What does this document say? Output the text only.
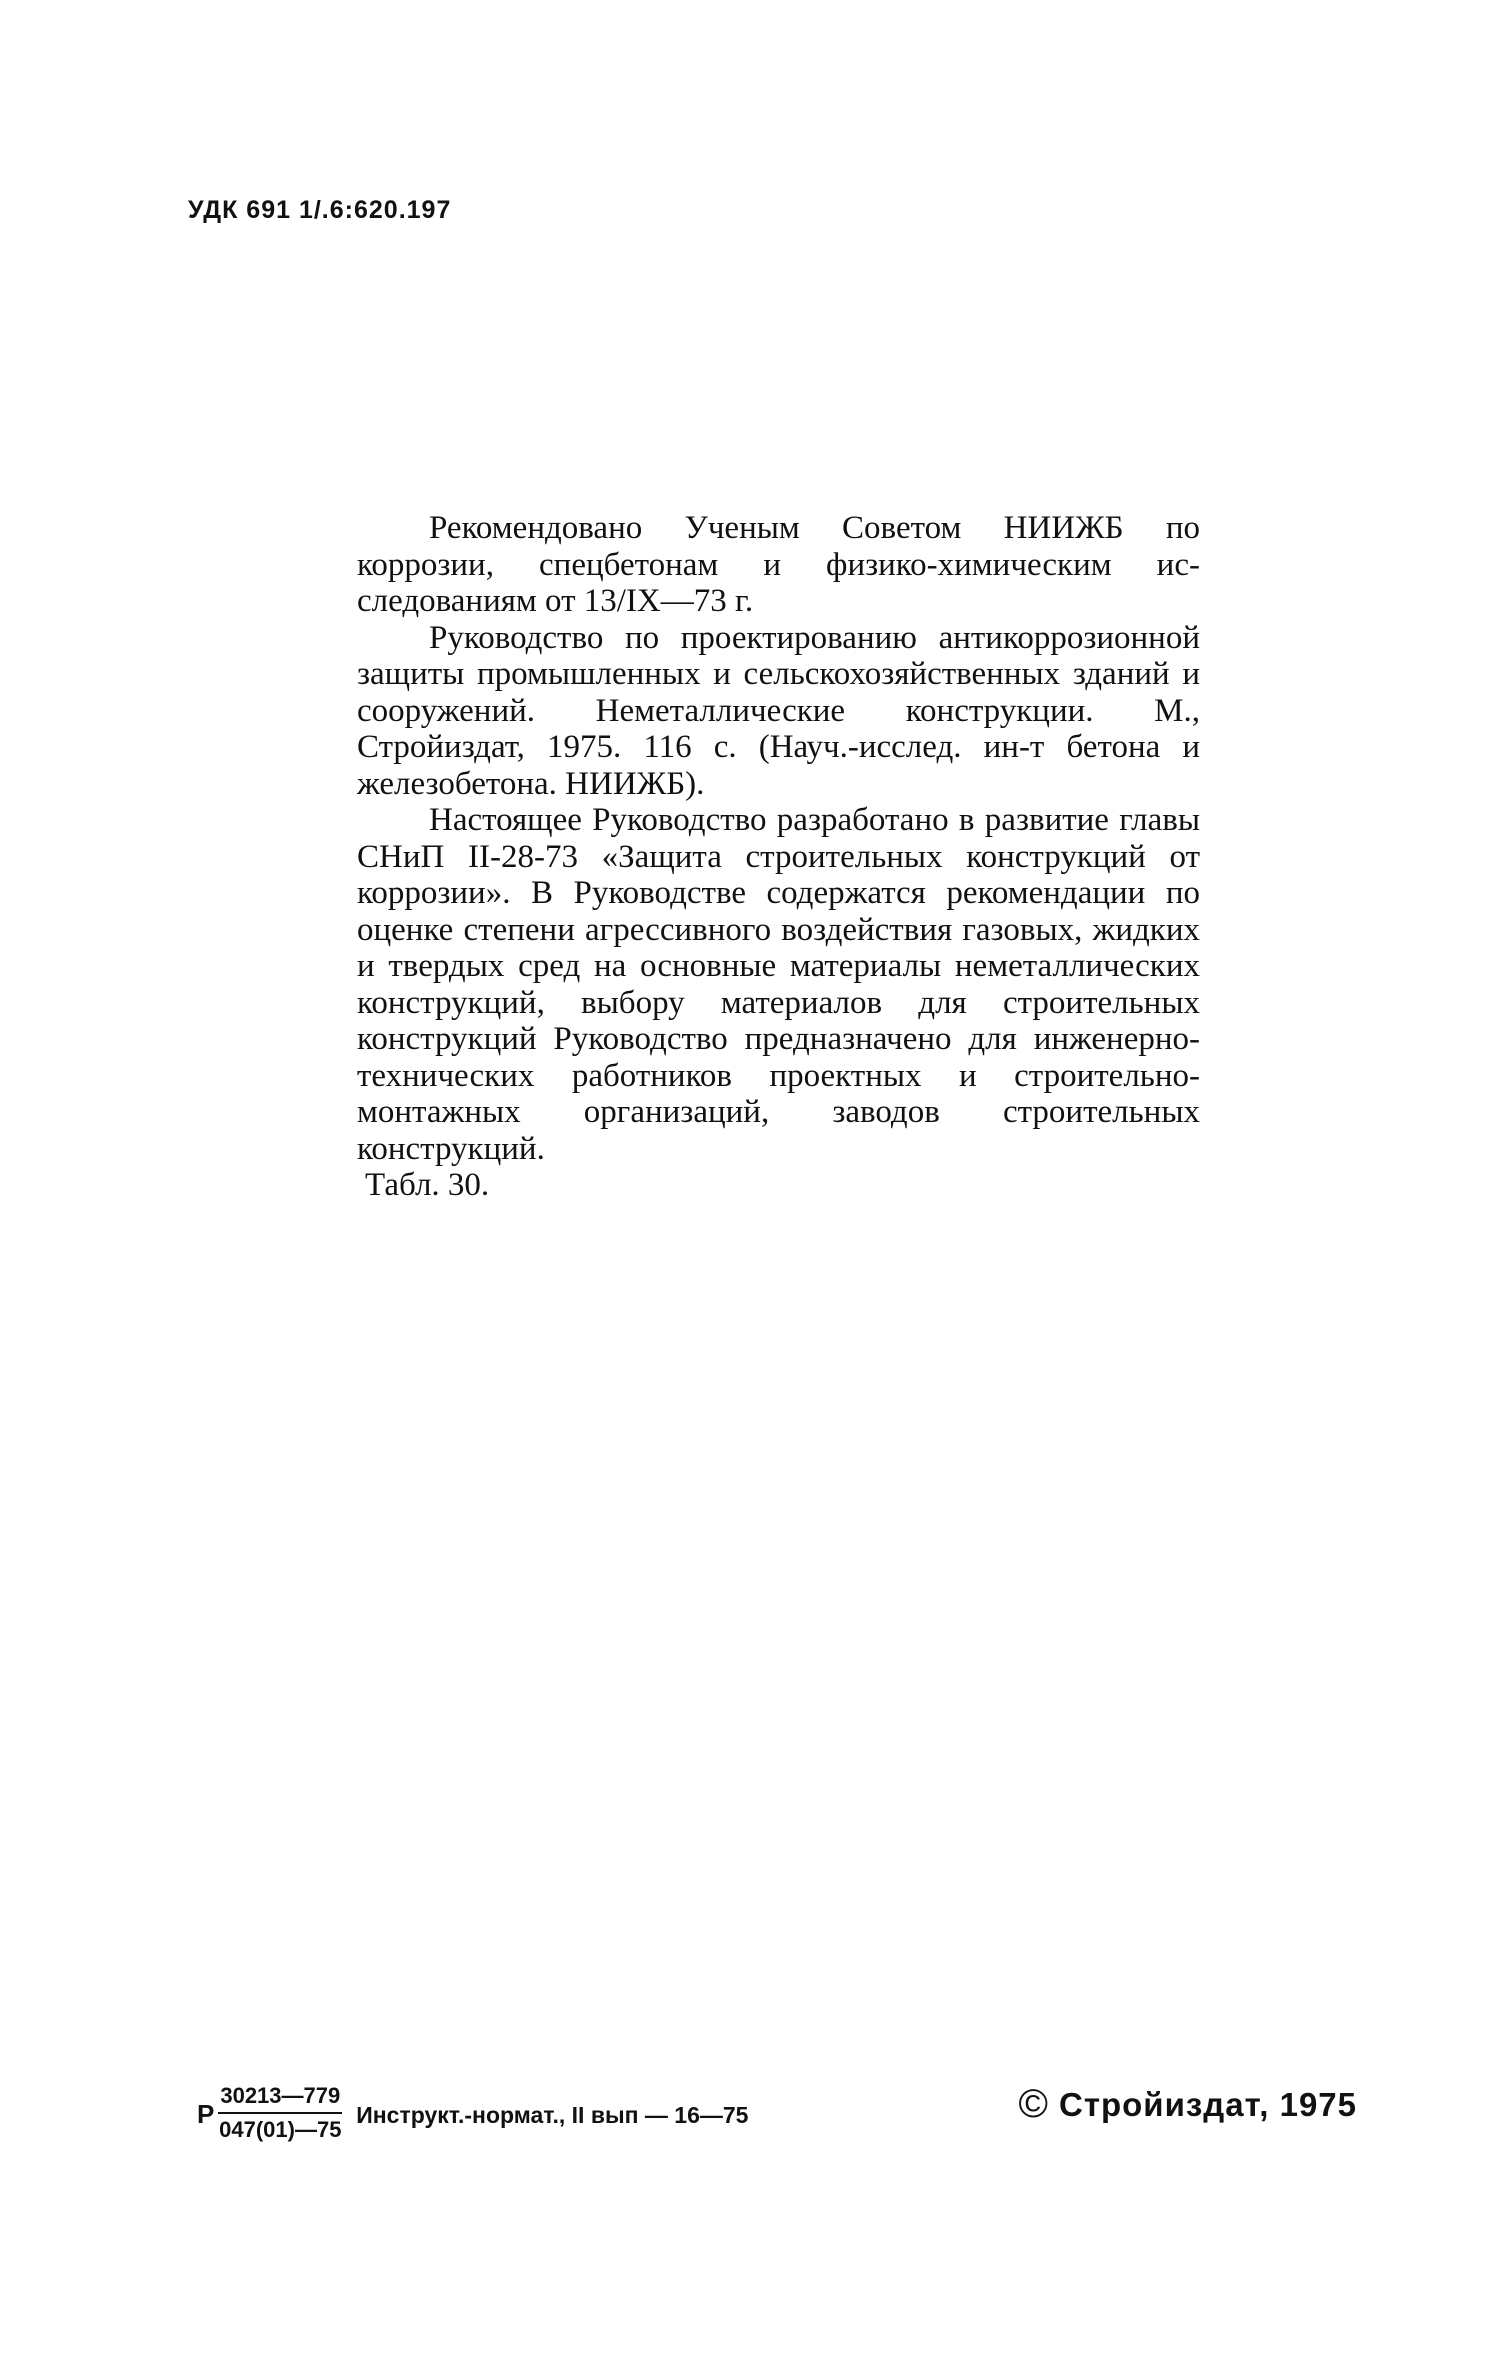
УДК 691 1/.6:620.197

Рекомендовано Ученым Советом НИИЖБ по коррозии, спецбетонам и физико-химическим исследованиям от 13/IX—73 г.

Руководство по проектированию антикоррозионной защиты промышленных и сельскохозяйственных зданий и сооружений. Неметаллические конструкции. М., Стройиздат, 1975. 116 с. (Науч.-исслед. ин-т бетона и железобетона. НИИЖБ).

Настоящее Руководство разработано в развитие главы СНиП II-28-73 «Защита строительных конструкций от коррозии». В Руководстве содержатся рекомендации по оценке степени агрессивного воздействия газовых, жидких и твердых сред на основные материалы неметаллических конструкций, выбору материалов для строительных конструкций Руководство предназначено для инженерно-технических работников проектных и строительно-монтажных организаций, заводов строительных конструкций.

Табл. 30.
Р $\frac{30213—779}{047(01)—75}$ Инструкт.-нормат., II вып — 16—75	© Стройиздат, 1975
